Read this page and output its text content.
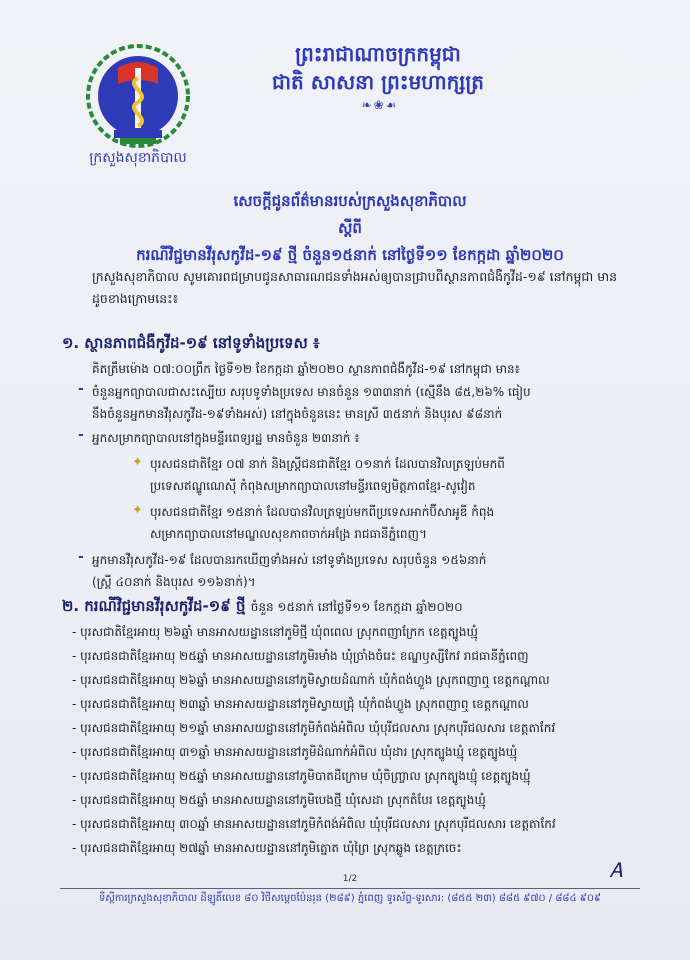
ក្រសួងសុខាភិបាល
ព្រះរាជាណាចក្រកម្ពុជា
ជាតិ សាសនា ព្រះមហាក្សត្រ
❧❀☙
សេចក្តីជូនព័ត៌មានរបស់ក្រសួងសុខាភិបាល
ស្តីពី
ករណីវិជ្ជមានវីរុសកូវីដ-១៩ ថ្មី ចំនួន១៥នាក់ នៅថ្ងៃទី១១ ខែកក្កដា ឆ្នាំ២០២០
ក្រសួងសុខាភិបាល សូមគោរពជម្រាបជូនសាធារណជនទាំងអស់ឲ្យបានជ្រាបពីស្ថានភាពជំងឺកូវីដ-១៩ នៅកម្ពុជា មានដូចខាងក្រោមនេះ៖
១. ស្ថានភាពជំងឺកូវីដ-១៩ នៅទូទាំងប្រទេស ៖
គិតត្រឹមម៉ោង ០៧:០០ព្រឹក ថ្ងៃទី១២ ខែកក្កដា ឆ្នាំ២០២០ ស្ថានភាពជំងឺកូវីដ-១៩ នៅកម្ពុជា មាន៖
- ចំនួនអ្នកព្យាបាលជាសះស្បើយ សរុបទូទាំងប្រទេស មានចំនួន ១៣៣នាក់ (ស្មើនឹង ៨៥,២៦% ធៀប
នឹងចំនួនអ្នកមានវីរុសកូវីដ-១៩ទាំងអស់) នៅក្នុងចំនួននេះ មានស្រី ៣៥នាក់ និងបុរស ៩៨នាក់
- អ្នកសម្រាកព្យាបាលនៅក្នុងមន្ទីរពេទ្យរដ្ឋ មានចំនួន ២៣នាក់ ៖
✦ បុរសជនជាតិខ្មែរ ០៧ នាក់ និងស្រ្តីជនជាតិខ្មែរ ០១នាក់ ដែលបានវិលត្រឡប់មកពី
ប្រទេសឥណ្ឌូណេស៊ី កំពុងសម្រាកព្យាបាលនៅមន្ទីរពេទ្យមិត្តភាពខ្មែរ-សូវៀត
✦ បុរសជនជាតិខ្មែរ ១៥នាក់ ដែលបានវិលត្រឡប់មកពីប្រទេសអាក់ប៊ីសាអូឌី កំពុង
សម្រាកព្យាបាលនៅមណ្ឌលសុខភាពចាក់អង្រែ រាជធានីភ្នំពេញ។
- អ្នកមានវីរុសកូវីដ-១៩ ដែលបានរកឃើញទាំងអស់ នៅទូទាំងប្រទេស សរុបចំនួន ១៥៦នាក់
(ស្ត្រី ៤០នាក់ និងបុរស ១១៦នាក់)។
២. ករណីវិជ្ជមានវីរុសកូវីដ-១៩ ថ្មី ចំនួន ១៥នាក់ នៅថ្ងៃទី១១ ខែកក្កដា ឆ្នាំ២០២០
- បុរសជាតិខ្មែរអាយុ ២៦ឆ្នាំ មានអាសយដ្ឋាននៅភូមិថ្មី ឃុំពពេល ស្រុកពញាក្រែក ខេត្តត្បូងឃ្មុំ
- បុរសជនជាតិខ្មែរអាយុ ២៥ឆ្នាំ មានអាសយដ្ឋាននៅភូមិរមាំង ឃុំច្រាំងចំរេះ ខណ្ឌឫស្សីកែវ រាជធានីភ្នំពេញ
- បុរសជនជាតិខ្មែរអាយុ ២៦ឆ្នាំ មានអាសយដ្ឋាននៅភូមិស្វាយដំណាក់ ឃុំកំពង់ហ្លួង ស្រុកពញាឮ ខេត្តកណ្តាល
- បុរសជនជាតិខ្មែរអាយុ ២៣ឆ្នាំ មានអាសយដ្ឋាននៅភូមិស្វាយជ្រុំ ឃុំកំពង់ហ្លួង ស្រុកពញាឮ ខេត្តកណ្តាល
- បុរសជនជាតិខ្មែរអាយុ ២១ឆ្នាំ មានអាសយដ្ឋាននៅភូមិកំពង់អំពិល ឃុំបុរីជលសារ ស្រុកបុរីជលសារ ខេត្តតាកែវ
- បុរសជនជាតិខ្មែរអាយុ ៣១ឆ្នាំ មានអាសយដ្ឋាននៅភូមិដំណាក់អំពិល ឃុំដារ ស្រុកត្បូងឃ្មុំ ខេត្តត្បូងឃ្មុំ
- បុរសជនជាតិខ្មែរអាយុ ២៥ឆ្នាំ មានអាសយដ្ឋាននៅភូមិបាតដីក្រោម ឃុំចិញ្ច្រាល ស្រុកត្បូងឃ្មុំ ខេត្តត្បូងឃ្មុំ
- បុរសជនជាតិខ្មែរអាយុ ២៥ឆ្នាំ មានអាសយដ្ឋាននៅភូមិបេងថ្មី ឃុំសេដា ស្រុកតំបែរ ខេត្តត្បូងឃ្មុំ
- បុរសជនជាតិខ្មែរអាយុ ៣០ឆ្នាំ មានអាសយដ្ឋាននៅភូមិកំពង់អំពិល ឃុំបុរីជលសារ ស្រុកបុរីជលសារ ខេត្តតាកែវ
- បុរសជនជាតិខ្មែរអាយុ ២៧ឆ្នាំ មានអាសយដ្ឋាននៅភូមិត្នោត ឃុំព្រៃ ស្រុកឆ្លូង ខេត្តក្រចេះ
Ꭺ
1/2
ទីស្តីការក្រសួងសុខាភិបាល ដីឡូតិ៍លេខ ៨០ វិថីសម្តេចប៉ែនរុន (២៨៩) ភ្នំពេញ ទូរស័ព្ទ-ទូរសារ: (៨៥៥ ២៣) ៨៨៥ ៩៧០ / ៨៨៤ ៩០៩
